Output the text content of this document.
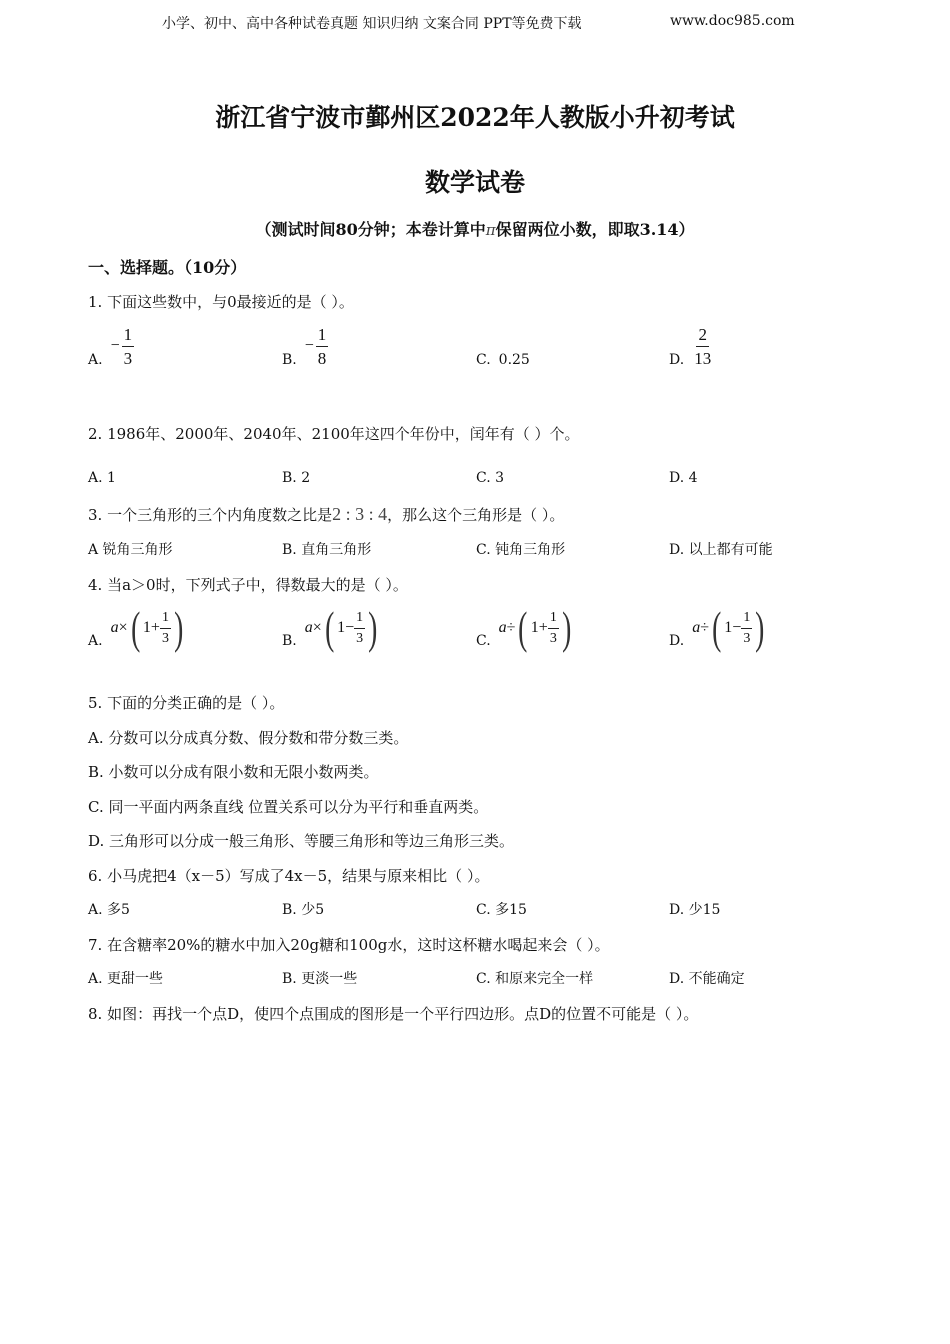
小学、初中、高中各种试卷真题 知识归纳 文案合同 PPT等免费下载	www.doc985.com
浙江省宁波市鄞州区2022年人教版小升初考试
数学试卷
（测试时间80分钟；本卷计算中π保留两位小数，即取3.14）
一、选择题。（10分）
1. 下面这些数中，与0最接近的是（ ）。
A.
− $\frac{1}{3}$	B.
− $\frac{1}{8}$	C. 0.25	D. $\frac{2}{13}$
2. 1986年、2000年、2040年、2100年这四个年份中，闰年有（ ）个。
A. 1	B. 2	C. 3	D. 4
3. 一个三角形的三个内角度数之比是2 : 3 : 4，那么这个三角形是（ ）。
A 锐角三角形	B. 直角三角形	C. 钝角三角形	D. 以上都有可能
4. 当a＞0时，下列式子中，得数最大的是（ ）。
A.
a × ( $1 + \frac{1}{3}$ )	B.
a × ( $1 - \frac{1}{3}$ )	C.
a ÷ ( $1 + \frac{1}{3}$ )	D.
a ÷ ( $1 - \frac{1}{3}$ )
5. 下面的分类正确的是（ ）。
A. 分数可以分成真分数、假分数和带分数三类。
B. 小数可以分成有限小数和无限小数两类。
C. 同一平面内两条直线 位置关系可以分为平行和垂直两类。
D. 三角形可以分成一般三角形、等腰三角形和等边三角形三类。
6. 小马虎把4（x－5）写成了4x－5，结果与原来相比（ ）。
A. 多5	B. 少5	C. 多15	D. 少15
7. 在含糖率20%的糖水中加入20g糖和100g水，这时这杯糖水喝起来会（ ）。
A. 更甜一些	B. 更淡一些	C. 和原来完全一样	D. 不能确定
8. 如图：再找一个点D，使四个点围成的图形是一个平行四边形。点D的位置不可能是（ ）。
